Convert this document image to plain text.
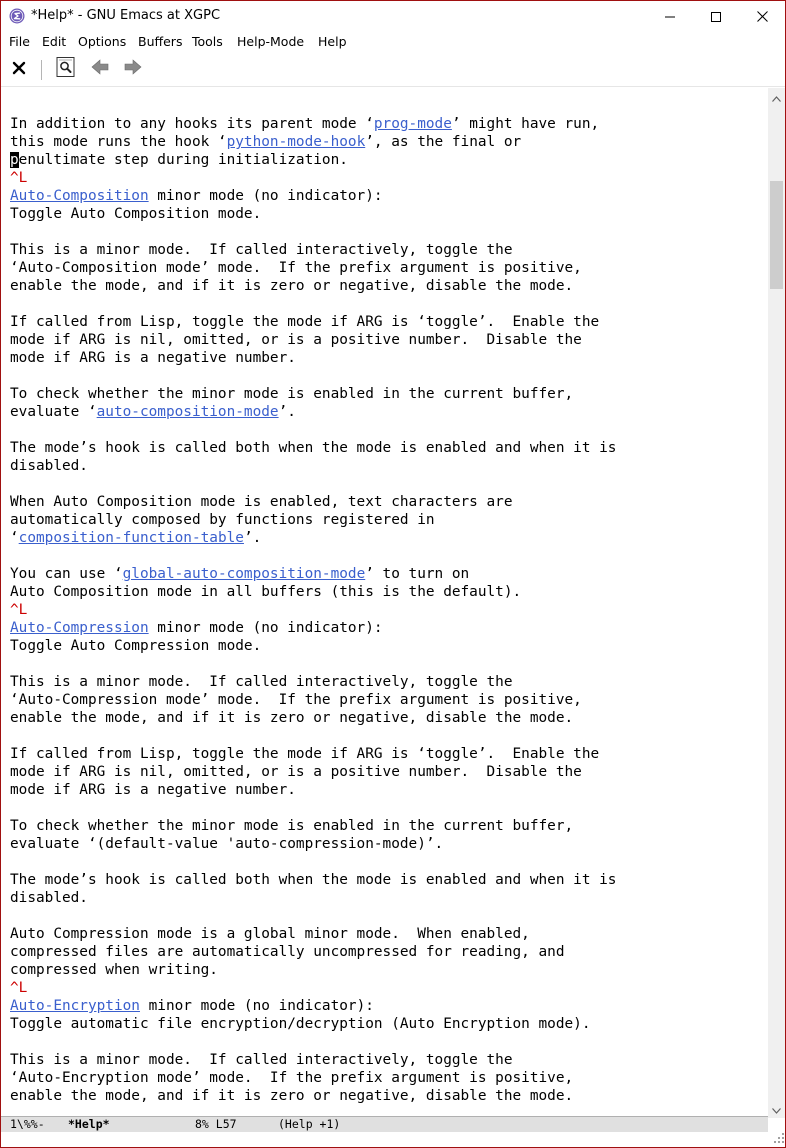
*Help* - GNU Emacs at XGPC
File Edit Options Buffers Tools Help-Mode Help
In addition to any hooks its parent mode ‘prog-mode’ might have run,
this mode runs the hook ‘python-mode-hook’, as the final or
penultimate step during initialization.
^L
Auto-Composition minor mode (no indicator):
Toggle Auto Composition mode.
This is a minor mode.  If called interactively, toggle the
‘Auto-Composition mode’ mode.  If the prefix argument is positive,
enable the mode, and if it is zero or negative, disable the mode.
If called from Lisp, toggle the mode if ARG is ‘toggle’.  Enable the
mode if ARG is nil, omitted, or is a positive number.  Disable the
mode if ARG is a negative number.
To check whether the minor mode is enabled in the current buffer,
evaluate ‘auto-composition-mode’.
The mode’s hook is called both when the mode is enabled and when it is
disabled.
When Auto Composition mode is enabled, text characters are
automatically composed by functions registered in
‘composition-function-table’.
You can use ‘global-auto-composition-mode’ to turn on
Auto Composition mode in all buffers (this is the default).
^L
Auto-Compression minor mode (no indicator):
Toggle Auto Compression mode.
This is a minor mode.  If called interactively, toggle the
‘Auto-Compression mode’ mode.  If the prefix argument is positive,
enable the mode, and if it is zero or negative, disable the mode.
If called from Lisp, toggle the mode if ARG is ‘toggle’.  Enable the
mode if ARG is nil, omitted, or is a positive number.  Disable the
mode if ARG is a negative number.
To check whether the minor mode is enabled in the current buffer,
evaluate ‘(default-value 'auto-compression-mode)’.
The mode’s hook is called both when the mode is enabled and when it is
disabled.
Auto Compression mode is a global minor mode.  When enabled,
compressed files are automatically uncompressed for reading, and
compressed when writing.
^L
Auto-Encryption minor mode (no indicator):
Toggle automatic file encryption/decryption (Auto Encryption mode).
This is a minor mode.  If called interactively, toggle the
‘Auto-Encryption mode’ mode.  If the prefix argument is positive,
enable the mode, and if it is zero or negative, disable the mode.

1\%%-

*Help*

	8% L57

	(Help +1)
